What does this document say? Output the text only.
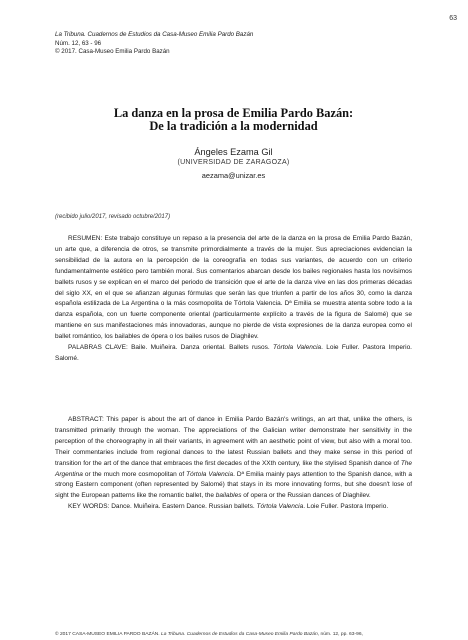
63
La Tribuna. Cuadernos de Estudios da Casa-Museo Emilia Pardo Bazán
Núm. 12, 63 - 96
© 2017. Casa-Museo Emilia Pardo Bazán
La danza en la prosa de Emilia Pardo Bazán:
De la tradición a la modernidad
Ángeles Ezama Gil
(UNIVERSIDAD DE ZARAGOZA)
aezama@unizar.es
(recibido julio/2017, revisado octubre/2017)

RESUMEN: Este trabajo constituye un repaso a la presencia del arte de la danza en la prosa de Emilia Pardo Bazán, un arte que, a diferencia de otros, se transmite primordialmente a través de la mujer. Sus apreciaciones evidencian la sensibilidad de la autora en la percepción de la coreografía en todas sus variantes, de acuerdo con un criterio fundamentalmente estético pero también moral. Sus comentarios abarcan desde los bailes regionales hasta los novísimos ballets rusos y se explican en el marco del periodo de transición que el arte de la danza vive en las dos primeras décadas del siglo XX, en el que se afianzan algunas fórmulas que serán las que triunfen a partir de los años 30, como la danza española estilizada de La Argentina o la más cosmopolita de Tórtola Valencia. Dª Emilia se muestra atenta sobre todo a la danza española, con un fuerte componente oriental (particularmente explícito a través de la figura de Salomé) que se mantiene en sus manifestaciones más innovadoras, aunque no pierde de vista expresiones de la danza europea como el ballet romántico, los bailables de ópera o los bailes rusos de Diaghilev.

PALABRAS CLAVE: Baile. Muiñeira. Danza oriental. Ballets rusos. Tórtola Valencia. Loie Fuller. Pastora Imperio. Salomé.

ABSTRACT: This paper is about the art of dance in Emilia Pardo Bazán's writings, an art that, unlike the others, is transmitted primarily through the woman. The appreciations of the Galician writer demonstrate her sensitivity in the perception of the choreography in all their variants, in agreement with an aesthetic point of view, but also with a moral too. Their commentaries include from regional dances to the latest Russian ballets and they make sense in this period of transition for the art of the dance that embraces the first decades of the XXth century, like the stylised Spanish dance of The Argentina or the much more cosmopolitan of Tórtola Valencia. Dª Emilia mainly pays attention to the Spanish dance, with a strong Eastern component (often represented by Salomé) that stays in its more innovating forms, but she doesn't lose of sight the European patterns like the romantic ballet, the bailables of opera or the Russian dances of Diaghilev.

KEY WORDS: Dance. Muiñeira. Eastern Dance. Russian ballets. Tórtola Valencia. Loie Fuller. Pastora Imperio.

© 2017 CASA-MUSEO EMILIA PARDO BAZÁN. La Tribuna. Cuadernos de Estudios da Casa-Museo Emilia Pardo Bazán, núm. 12, pp. 63-96,
